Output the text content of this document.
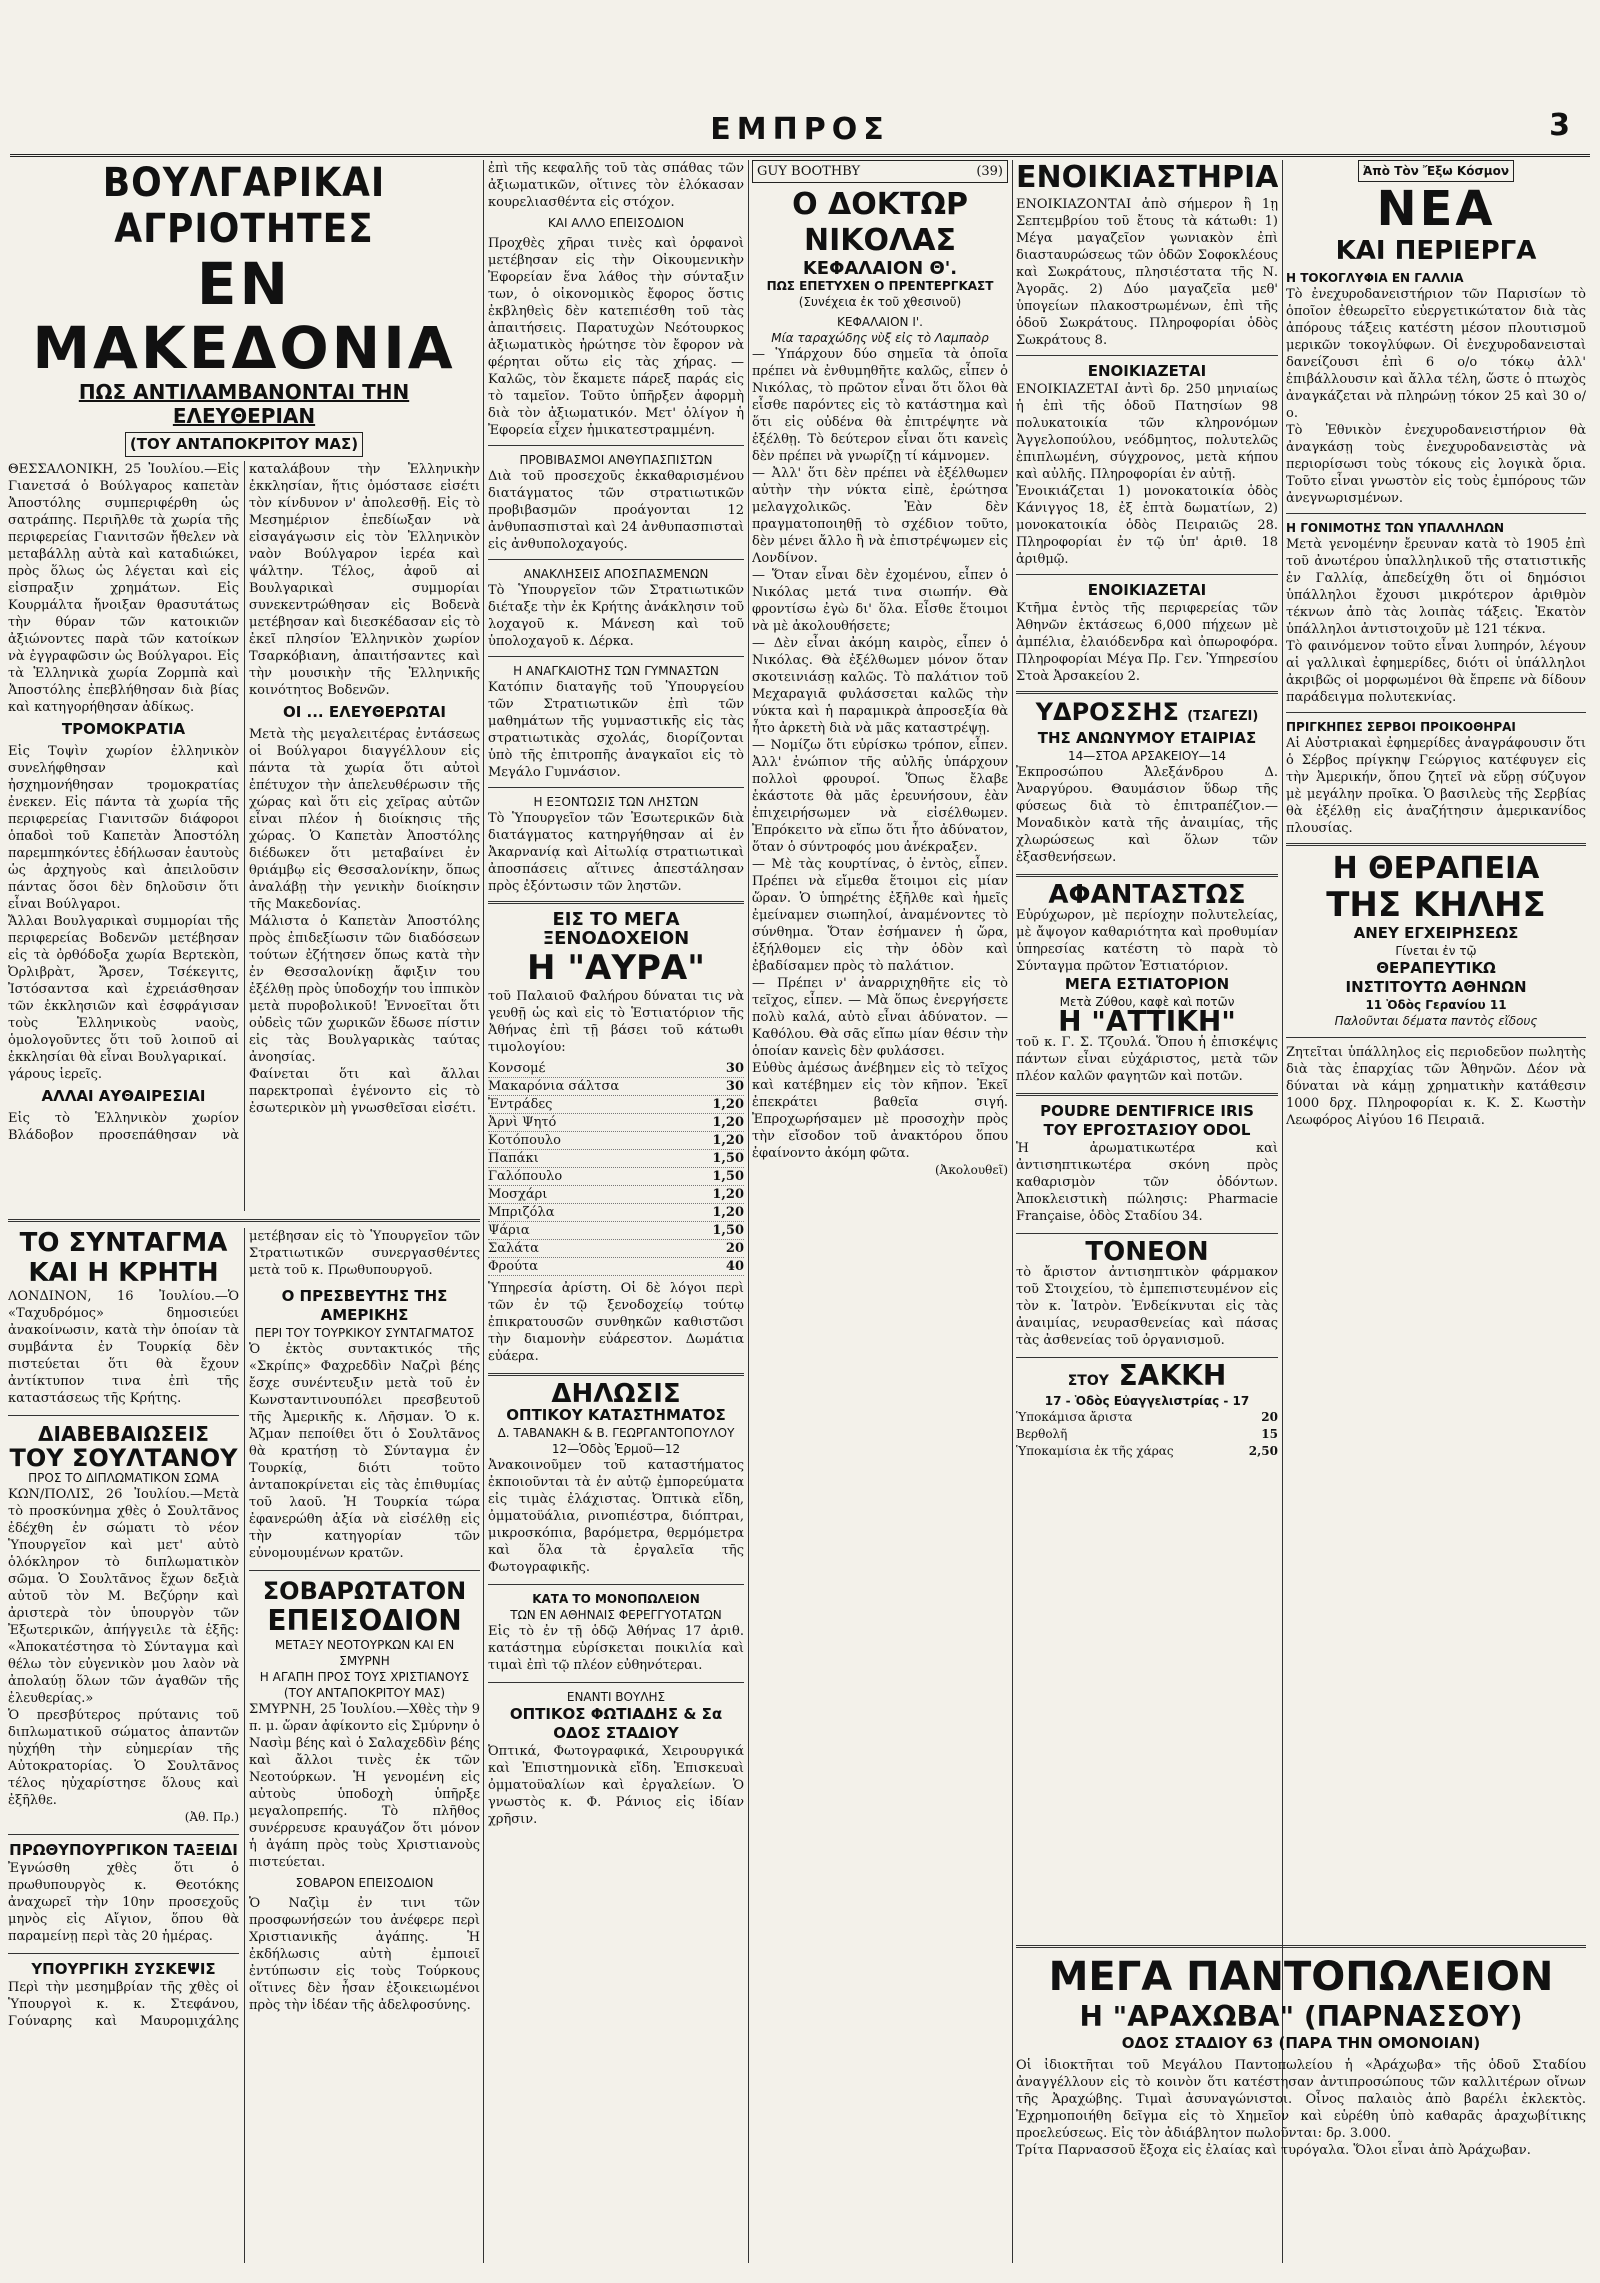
ΕΜΠΡΟΣ	3
ΒΟΥΛΓΑΡΙΚΑΙ ΑΓΡΙΟΤΗΤΕΣ
ΕΝ ΜΑΚΕΔΟΝΙΑ
ΠΩΣ ΑΝΤΙΛΑΜΒΑΝΟΝΤΑΙ ΤΗΝ ΕΛΕΥΘΕΡΙΑΝ
(ΤΟΥ ΑΝΤΑΠΟΚΡΙΤΟΥ ΜΑΣ)

ΘΕΣΣΑΛΟΝΙΚΗ, 25 Ἰουλίου.—Εἰς Γιανετσά ὁ Βούλγαρος καπετὰν Ἀποστόλης συμπεριφέρθη ὡς σατράπης. Περιῆλθε τὰ χωρία τῆς περιφερείας Γιανιτσῶν ἤθελεν νὰ μεταβάλλῃ αὐτὰ καὶ καταδιώκει, πρὸς ὅλως ὡς λέγεται καὶ εἰς εἰσπραξιν χρημάτων. Εἰς Κουρμάλτα ἤνοιξαν θρασυτάτως τὴν θύραν τῶν κατοικιῶν ἀξιώνοντες παρὰ τῶν κατοίκων νὰ ἐγγραφῶσιν ὡς Βούλγαροι. Εἰς τὰ Ἑλληνικὰ χωρία Ζορμπὰ καὶ Ἀποστόλης ἐπεβλήθησαν διὰ βίας καὶ κατηγορήθησαν ἀδίκως.

ΤΡΟΜΟΚΡΑΤΙΑ

Εἰς Τοψὶν χωρίον ἑλληνικὸν συνελήφθησαν καὶ ἠσχημονήθησαν τρομοκρατίας ἐνεκεν. Εἰς πάντα τὰ χωρία τῆς περιφερείας Γιανιτσῶν διάφοροι ὁπαδοὶ τοῦ Καπετὰν Ἀποστόλη παρεμπηκόντες ἐδήλωσαν ἑαυτοὺς ὡς ἀρχηγοὺς καὶ ἀπειλοῦσιν πάντας ὅσοι δὲν δηλοῦσιν ὅτι εἶναι Βούλγαροι.

Ἄλλαι Βουλγαρικαὶ συμμορίαι τῆς περιφερείας Βοδενῶν μετέβησαν εἰς τὰ ὀρθόδοξα χωρία Βερτεκὸπ, Ὀρλιβρὰτ, Ἄρσεν, Τσέκεγιτς, Ἰστόσαντσα καὶ ἐχρειάσθησαν τῶν ἐκκλησιῶν καὶ ἐσφράγισαν τοὺς Ἑλληνικοὺς ναοὺς, ὁμολογοῦντες ὅτι τοῦ λοιποῦ αἱ ἐκκλησίαι θὰ εἶναι Βουλγαρικαί.

γάρους ἱερεῖς.

ΑΛΛΑΙ ΑΥΘΑΙΡΕΣΙΑΙ

Εἰς τὸ Ἑλληνικὸν χωρίον Βλάδοβον προσεπάθησαν νὰ καταλάβουν τὴν Ἑλληνικὴν ἐκκλησίαν, ἥτις ὁμόστασε εἰσέτι τὸν κίνδυνον ν' ἀπολεσθῇ. Εἰς τὸ Μεσημέριον ἐπεδίωξαν νὰ εἰσαγάγωσιν εἰς τὸν Ἑλληνικὸν ναὸν Βούλγαρον ἱερέα καὶ ψάλτην. Τέλος, ἀφοῦ αἱ Βουλγαρικαὶ συμμορίαι συνεκεντρώθησαν εἰς Βοδενὰ μετέβησαν καὶ διεσκέδασαν εἰς τὸ ἐκεῖ πλησίον Ἑλληνικὸν χωρίον Τσαρκόβιανη, ἀπαιτήσαντες καὶ τὴν μουσικὴν τῆς Ἑλληνικῆς κοινότητος Βοδενῶν.

ΟΙ ... ΕΛΕΥΘΕΡΩΤΑΙ

Μετὰ τὴς μεγαλειτέρας ἐντάσεως οἱ Βούλγαροι διαγγέλλουν εἰς πάντα τὰ χωρία ὅτι αὐτοὶ ἐπέτυχον τὴν ἀπελευθέρωσιν τῆς χώρας καὶ ὅτι εἰς χεῖρας αὐτῶν εἶναι πλέον ἡ διοίκησις τῆς χώρας. Ὁ Καπετὰν Ἀποστόλης διέδωκεν ὅτι μεταβαίνει ἐν θριάμβῳ εἰς Θεσσαλονίκην, ὅπως ἀναλάβῃ τὴν γενικὴν διοίκησιν τῆς Μακεδονίας.

Μάλιστα ὁ Καπετὰν Ἀποστόλης πρὸς ἐπιδεξίωσιν τῶν διαδόσεων τούτων ἐζήτησεν ὅπως κατὰ τὴν ἐν Θεσσαλονίκῃ ἄφιξιν του ἐξέλθῃ πρὸς ὑποδοχήν του ἱππικὸν μετὰ πυροβολικοῦ! Ἐννοεῖται ὅτι οὐδεὶς τῶν χωρικῶν ἔδωσε πίστιν εἰς τὰς Βουλγαρικὰς ταύτας ἀνοησίας.

Φαίνεται ὅτι καὶ ἄλλαι παρεκτροπαὶ ἐγένοντο εἰς τὸ ἐσωτερικὸν μὴ γνωσθεῖσαι εἰσέτι.

ΤΟ ΣΥΝΤΑΓΜΑ
ΚΑΙ Η ΚΡΗΤΗ

ΛΟΝΔΙΝΟΝ, 16 Ἰουλίου.—Ὁ «Ταχυδρόμος» δημοσιεύει ἀνακοίνωσιν, κατὰ τὴν ὁποίαν τὰ συμβάντα ἐν Τουρκίᾳ δὲν πιστεύεται ὅτι θὰ ἔχουν ἀντίκτυπον τινα ἐπὶ τῆς καταστάσεως τῆς Κρήτης.

ΔΙΑΒΕΒΑΙΩΣΕΙΣ
ΤΟΥ ΣΟΥΛΤΑΝΟΥ
ΠΡΟΣ ΤΟ ΔΙΠΛΩΜΑΤΙΚΟΝ ΣΩΜΑ

ΚΩΝ/ΠΟΛΙΣ, 26 Ἰουλίου.—Μετὰ τὸ προσκύνημα χθὲς ὁ Σουλτᾶνος ἐδέχθη ἐν σώματι τὸ νέον Ὑπουργεῖον καὶ μετ' αὐτὸ ὁλόκληρον τὸ διπλωματικὸν σῶμα. Ὁ Σουλτᾶνος ἔχων δεξιὰ αὐτοῦ τὸν Μ. Βεζύρην καὶ ἀριστερὰ τὸν ὑπουργὸν τῶν Ἐξωτερικῶν, ἀπήγγειλε τὰ ἑξῆς: «Ἀποκατέστησα τὸ Σύνταγμα καὶ θέλω τὸν εὐγενικὸν μου λαὸν νὰ ἀπολαύῃ ὅλων τῶν ἀγαθῶν τῆς ἐλευθερίας.»

Ὁ πρεσβύτερος πρύτανις τοῦ διπλωματικοῦ σώματος ἀπαντῶν ηὐχήθη τὴν εὐημερίαν τῆς Αὐτοκρατορίας. Ὁ Σουλτᾶνος τέλος ηὐχαρίστησε ὅλους καὶ ἐξῆλθε.

(Ἀθ. Πρ.)
ΠΡΩΘΥΠΟΥΡΓΙΚΟΝ ΤΑΞΕΙΔΙ

Ἐγνώσθη χθὲς ὅτι ὁ πρωθυπουργὸς κ. Θεοτόκης ἀναχωρεῖ τὴν 10ην προσεχοῦς μηνὸς εἰς Αἴγιον, ὅπου θὰ παραμείνῃ περὶ τὰς 20 ἡμέρας.

ΥΠΟΥΡΓΙΚΗ ΣΥΣΚΕΨΙΣ

Περὶ τὴν μεσημβρίαν τῆς χθὲς οἱ Ὑπουργοὶ κ. κ. Στεφάνου, Γούναρης καὶ Μαυρομιχάλης μετέβησαν εἰς τὸ Ὑπουργεῖον τῶν Στρατιωτικῶν συνεργασθέντες μετὰ τοῦ κ. Πρωθυπουργοῦ.

Ο ΠΡΕΣΒΕΥΤΗΣ ΤΗΣ ΑΜΕΡΙΚΗΣ
ΠΕΡΙ ΤΟΥ ΤΟΥΡΚΙΚΟΥ ΣΥΝΤΑΓΜΑΤΟΣ

Ὁ ἐκτὸς συντακτικός τῆς «Σκρίπς» Φαχρεδδὶν Ναζρὶ βέης ἔσχε συνέντευξιν μετὰ τοῦ ἐν Κωνσταντινουπόλει πρεσβευτοῦ τῆς Ἀμερικῆς κ. Λῆσμαν. Ὁ κ. Ἀζμαν πεποίθει ὅτι ὁ Σουλτᾶνος θὰ κρατήσῃ τὸ Σύνταγμα ἐν Τουρκίᾳ, διότι τοῦτο ἀνταποκρίνεται εἰς τὰς ἐπιθυμίας τοῦ λαοῦ. Ἡ Τουρκία τώρα ἐφανερώθη ἀξία νὰ εἰσέλθῃ εἰς τὴν κατηγορίαν τῶν εὐνομουμένων κρατῶν.

ΣΟΒΑΡΩΤΑΤΟΝ
ΕΠΕΙΣΟΔΙΟΝ
ΜΕΤΑΞΥ ΝΕΟΤΟΥΡΚΩΝ ΚΑΙ ΕΝ ΣΜΥΡΝΗ
Η ΑΓΑΠΗ ΠΡΟΣ ΤΟΥΣ ΧΡΙΣΤΙΑΝΟΥΣ
(ΤΟΥ ΑΝΤΑΠΟΚΡΙΤΟΥ ΜΑΣ)

ΣΜΥΡΝΗ, 25 Ἰουλίου.—Χθὲς τὴν 9 π. μ. ὥραν ἀφίκοντο εἰς Σμύρνην ὁ Νασὶμ βέης καὶ ὁ Σαλαχεδδὶν βέης καὶ ἄλλοι τινὲς ἐκ τῶν Νεοτούρκων. Ἡ γενομένη εἰς αὐτοὺς ὑποδοχὴ ὑπῆρξε μεγαλοπρεπής. Τὸ πλῆθος συνέρρευσε κραυγάζον ὅτι μόνον ἡ ἀγάπη πρὸς τοὺς Χριστιανοὺς πιστεύεται.

ΣΟΒΑΡΟΝ ΕΠΕΙΣΟΔΙΟΝ

Ὁ Ναζὶμ ἐν τινι τῶν προσφωνήσεών του ἀνέφερε περὶ Χριστιανικῆς ἀγάπης. Ἡ ἐκδήλωσις αὐτὴ ἐμποιεῖ ἐντύπωσιν εἰς τοὺς Τούρκους οἵτινες δὲν ἦσαν ἐξοικειωμένοι πρὸς τὴν ἰδέαν τῆς ἀδελφοσύνης.

ἐπὶ τῆς κεφαλῆς τοῦ τὰς σπάθας τῶν ἀξιωματικῶν, οἵτινες τὸν ἐλόκασαν κουρελιασθέντα εἰς στόχον.

ΚΑΙ ΑΛΛΟ ΕΠΕΙΣΟΔΙΟΝ

Προχθὲς χῆραι τινὲς καὶ ὀρφανοὶ μετέβησαν εἰς τὴν Οἰκουμενικὴν Ἐφορείαν ἕνα λάθος τὴν σύνταξιν των, ὁ οἰκονομικὸς ἔφορος ὅστις ἐκβληθεὶς δὲν κατεπιέσθη τοῦ τὰς ἀπαιτήσεις. Παρατυχὼν Νεότουρκος ἀξιωματικὸς ἠρώτησε τὸν ἔφορον νὰ φέρηται οὕτω εἰς τὰς χήρας. — Καλῶς, τὸν ἔκαμετε πάρεξ παράς εἰς τὸ ταμεῖον. Τοῦτο ὑπῆρξεν ἀφορμὴ διὰ τὸν ἀξιωματικόν. Μετ' ὀλίγον ἡ Ἐφορεία εἶχεν ἠμικατεστραμμένη.

ΠΡΟΒΙΒΑΣΜΟΙ ΑΝΘΥΠΑΣΠΙΣΤΩΝ

Διὰ τοῦ προσεχοῦς ἐκκαθαρισμένου διατάγματος τῶν στρατιωτικῶν προβιβασμῶν προάγονται 12 ἀνθυπασπισταὶ καὶ 24 ἀνθυπασπισταὶ εἰς ἀνθυπολοχαγούς.

ΑΝΑΚΛΗΣΕΙΣ ΑΠΟΣΠΑΣΜΕΝΩΝ

Τὸ Ὑπουργεῖον τῶν Στρατιωτικῶν διέταξε τὴν ἐκ Κρήτης ἀνάκλησιν τοῦ λοχαγοῦ κ. Μάνεση καὶ τοῦ ὑπολοχαγοῦ κ. Δέρκα.

Η ΑΝΑΓΚΑΙΟΤΗΣ ΤΩΝ ΓΥΜΝΑΣΤΩΝ

Κατόπιν διαταγῆς τοῦ Ὑπουργείου τῶν Στρατιωτικῶν ἐπὶ τῶν μαθημάτων τῆς γυμναστικῆς εἰς τὰς στρατιωτικὰς σχολάς, διορίζονται ὑπὸ τῆς ἐπιτροπῆς ἀναγκαῖοι εἰς τὸ Μεγάλο Γυμνάσιον.

Η ΕΞΟΝΤΩΣΙΣ ΤΩΝ ΛΗΣΤΩΝ

Τὸ Ὑπουργεῖον τῶν Ἐσωτερικῶν διὰ διατάγματος κατηργήθησαν αἱ ἐν Ἀκαρνανίᾳ καὶ Αἰτωλίᾳ στρατιωτικαὶ ἀποσπάσεις αἵτινες ἀπεστάλησαν πρὸς ἐξόντωσιν τῶν ληστῶν.

ΕΙΣ ΤΟ ΜΕΓΑ ΞΕΝΟΔΟΧΕΙΟΝ
Η "ΑΥΡΑ"

τοῦ Παλαιοῦ Φαλήρου δύναται τις νὰ γευθῇ ὡς καὶ εἰς τὸ Ἑστιατόριον τῆς Ἀθήνας ἐπὶ τῇ βάσει τοῦ κάτωθι τιμολογίου:

Κονσομέ	30
Μακαρόνια σάλτσα	30
Ἐντράδες	1,20
Ἀρνὶ Ψητό	1,20
Κοτόπουλο	1,20
Παπάκι	1,50
Γαλόπουλο	1,50
Μοσχάρι	1,20
Μπριζόλα	1,20
Ψάρια	1,50
Σαλάτα	20
Φρούτα	40

Ὑπηρεσία ἀρίστη. Οἱ δὲ λόγοι περὶ τῶν ἐν τῷ ξενοδοχείῳ τούτῳ ἐπικρατουσῶν συνθηκῶν καθιστῶσι τὴν διαμονὴν εὐάρεστον. Δωμάτια εὐάερα.

ΔΗΛΩΣΙΣ
ΟΠΤΙΚΟΥ ΚΑΤΑΣΤΗΜΑΤΟΣ
Δ. ΤΑΒΑΝΑΚΗ & Β. ΓΕΩΡΓΑΝΤΟΠΟΥΛΟΥ
12—Ὁδὸς Ἑρμοῦ—12

Ἀνακοινοῦμεν τοῦ καταστήματος ἐκποιοῦνται τὰ ἐν αὐτῷ ἐμπορεύματα εἰς τιμὰς ἐλάχιστας. Ὀπτικὰ εἴδη, ὀμματοϋάλια, ρινοπιέστρα, διόπτραι, μικροσκόπια, βαρόμετρα, θερμόμετρα καὶ ὅλα τὰ ἐργαλεῖα τῆς Φωτογραφικῆς.

ΚΑΤΑ ΤΟ ΜΟΝΟΠΩΛΕΙΟΝ
ΤΩΝ ΕΝ ΑΘΗΝΑΙΣ ΦΕΡΕΓΓΥΟΤΑΤΩΝ

Εἰς τὸ ἐν τῇ ὁδῷ Ἀθήνας 17 ἀριθ. κατάστημα εὑρίσκεται ποικιλία καὶ τιμαὶ ἐπὶ τῷ πλέον εὐθηνότεραι.

ΕΝΑΝΤΙ ΒΟΥΛΗΣ
ΟΠΤΙΚΟΣ ΦΩΤΙΑΔΗΣ & Σα
ΟΔΟΣ ΣΤΑΔΙΟΥ

Ὀπτικά, Φωτογραφικά, Χειρουργικά καὶ Ἐπιστημονικὰ εἴδη. Ἐπισκευαὶ ὀμματοϋαλίων καὶ ἐργαλείων. Ὁ γνωστὸς κ. Φ. Ράνιος εἰς ἰδίαν χρῆσιν.

GUY BOOTHBY	(39)
Ο ΔΟΚΤΩΡ ΝΙΚΟΛΑΣ
ΚΕΦΑΛΑΙΟΝ Θ'.
ΠΩΣ ΕΠΕΤΥΧΕΝ Ο ΠΡΕΝΤΕΡΓΚΑΣΤ
(Συνέχεια ἐκ τοῦ χθεσινοῦ)
ΚΕΦΑΛΑΙΟΝ Ι'.
Μία ταραχώδης νὺξ εἰς τὸ Λαμπαὸρ

— Ὑπάρχουν δύο σημεῖα τὰ ὁποῖα πρέπει νὰ ἐνθυμηθῆτε καλῶς, εἶπεν ὁ Νικόλας, τὸ πρῶτον εἶναι ὅτι ὅλοι θὰ εἶσθε παρόντες εἰς τὸ κατάστημα καὶ ὅτι εἰς οὐδένα θὰ ἐπιτρέψητε νὰ ἐξέλθῃ. Τὸ δεύτερον εἶναι ὅτι κανεὶς δὲν πρέπει νὰ γνωρίζῃ τί κάμνομεν.

— Ἀλλ' ὅτι δὲν πρέπει νὰ ἐξέλθωμεν αὐτὴν τὴν νύκτα εἰπὲ, ἐρώτησα μελαγχολικῶς. Ἐὰν δὲν πραγματοποιηθῇ τὸ σχέδιον τοῦτο, δὲν μένει ἄλλο ἢ νὰ ἐπιστρέψωμεν εἰς Λονδίνον.

— Ὅταν εἶναι δὲν ἐχομένου, εἶπεν ὁ Νικόλας μετά τινα σιωπήν. Θὰ φροντίσω ἐγὼ δι' ὅλα. Εἶσθε ἕτοιμοι νὰ μὲ ἀκολουθήσετε;

— Δὲν εἶναι ἀκόμη καιρὸς, εἶπεν ὁ Νικόλας. Θὰ ἐξέλθωμεν μόνον ὅταν σκοτεινιάσῃ καλῶς. Τὸ παλάτιον τοῦ Μεχαραγιᾶ φυλάσσεται καλῶς τὴν νύκτα καὶ ἡ παραμικρὰ ἀπροσεξία θὰ ἦτο ἀρκετὴ διὰ νὰ μᾶς καταστρέψῃ.

— Νομίζω ὅτι εὑρίσκω τρόπον, εἶπεν. Ἀλλ' ἐνώπιον τῆς αὐλῆς ὑπάρχουν πολλοὶ φρουροί. Ὅπως ἔλαβε ἑκάστοτε θὰ μᾶς ἐρευνήσουν, ἐὰν ἐπιχειρήσωμεν νὰ εἰσέλθωμεν. Ἐπρόκειτο νὰ εἴπω ὅτι ἦτο ἀδύνατον, ὅταν ὁ σύντροφός μου ἀνέκραξεν.

— Μὲ τὰς κουρτίνας, ὁ ἐντὸς, εἶπεν. Πρέπει νὰ εἴμεθα ἕτοιμοι εἰς μίαν ὥραν. Ὁ ὑπηρέτης ἐξῆλθε καὶ ἡμεῖς ἐμείναμεν σιωπηλοί, ἀναμένοντες τὸ σύνθημα. Ὅταν ἐσήμανεν ἡ ὥρα, ἐξήλθομεν εἰς τὴν ὁδὸν καὶ ἐβαδίσαμεν πρὸς τὸ παλάτιον.

— Πρέπει ν' ἀναρριχηθῆτε εἰς τὸ τεῖχος, εἶπεν. — Μὰ ὅπως ἐνεργήσετε πολὺ καλά, αὐτὸ εἶναι ἀδύνατον. — Καθόλου. Θὰ σᾶς εἴπω μίαν θέσιν τὴν ὁποίαν κανεὶς δὲν φυλάσσει.

Εὐθὺς ἀμέσως ἀνέβημεν εἰς τὸ τεῖχος καὶ κατέβημεν εἰς τὸν κῆπον. Ἐκεῖ ἐπεκράτει βαθεῖα σιγή. Ἐπροχωρήσαμεν μὲ προσοχὴν πρὸς τὴν εἴσοδον τοῦ ἀνακτόρου ὅπου ἐφαίνοντο ἀκόμη φῶτα.

(Ἀκολουθεῖ)
ΕΝΟΙΚΙΑΣΤΗΡΙΑ

ΕΝΟΙΚΙΑΖΟΝΤΑΙ ἀπὸ σήμερον ἢ 1ῃ Σεπτεμβρίου τοῦ ἔτους τὰ κάτωθι: 1) Μέγα μαγαζεῖον γωνιακὸν ἐπὶ διασταυρώσεως τῶν ὁδῶν Σοφοκλέους καὶ Σωκράτους, πλησιέστατα τῆς Ν. Ἀγορᾶς. 2) Δύο μαγαζεῖα μεθ' ὑπογείων πλακοστρωμένων, ἐπὶ τῆς ὁδοῦ Σωκράτους. Πληροφορίαι ὁδὸς Σωκράτους 8.

ΕΝΟΙΚΙΑΖΕΤΑΙ

ΕΝΟΙΚΙΑΖΕΤΑΙ ἀντὶ δρ. 250 μηνιαίως ἡ ἐπὶ τῆς ὁδοῦ Πατησίων 98 πολυκατοικία τῶν κληρονόμων Ἀγγελοπούλου, νεόδμητος, πολυτελῶς ἐπιπλωμένη, σύγχρονος, μετὰ κήπου καὶ αὐλῆς. Πληροφορίαι ἐν αὐτῇ.

Ἐνοικιάζεται 1) μονοκατοικία ὁδὸς Κάνιγγος 18, ἐξ ἑπτὰ δωματίων, 2) μονοκατοικία ὁδὸς Πειραιῶς 28. Πληροφορίαι ἐν τῷ ὑπ' ἀριθ. 18 ἀριθμῷ.

ΕΝΟΙΚΙΑΖΕΤΑΙ

Κτῆμα ἐντὸς τῆς περιφερείας τῶν Ἀθηνῶν ἐκτάσεως 6,000 πήχεων μὲ ἀμπέλια, ἐλαιόδενδρα καὶ ὀπωροφόρα. Πληροφορίαι Μέγα Πρ. Γεν. Ὑπηρεσίου Στοὰ Ἀρσακείου 2.

ΥΔΡΟΣΣΗΣ (ΤΣΑΓΕΖΙ)
ΤΗΣ ΑΝΩΝΥΜΟΥ ΕΤΑΙΡΙΑΣ
14—ΣΤΟΑ ΑΡΣΑΚΕΙΟΥ—14

Ἐκπροσώπου Ἀλεξάνδρου Δ. Ἀναργύρου. Θαυμάσιον ὕδωρ τῆς φύσεως διὰ τὸ ἐπιτραπέζιον.—Μοναδικὸν κατὰ τῆς ἀναιμίας, τῆς χλωρώσεως καὶ ὅλων τῶν ἐξασθενήσεων.

ΑΦΑΝΤΑΣΤΩΣ

Εὐρύχωρον, μὲ περίοχην πολυτελείας, μὲ ἄψογον καθαριότητα καὶ προθυμίαν ὑπηρεσίας κατέστη τὸ παρὰ τὸ Σύνταγμα πρῶτον Ἑστιατόριον.

ΜΕΓΑ ΕΣΤΙΑΤΟΡΙΟΝ
Μετὰ Ζύθου, καφὲ καὶ ποτῶν
Η "ΑΤΤΙΚΗ"

τοῦ κ. Γ. Σ. Τζουλά. Ὅπου ἡ ἐπισκέψις πάντων εἶναι εὐχάριστος, μετὰ τῶν πλέον καλῶν φαγητῶν καὶ ποτῶν.

POUDRE DENTIFRICE IRIS
ΤΟΥ ΕΡΓΟΣΤΑΣΙΟΥ ODOL

Ἡ ἀρωματικωτέρα καὶ ἀντισηπτικωτέρα σκόνη πρὸς καθαρισμὸν τῶν ὀδόντων. Ἀποκλειστικὴ πώλησις: Pharmacie Française, ὁδὸς Σταδίου 34.

ΤΟΝΕΟΝ

τὸ ἄριστον ἀντισηπτικὸν φάρμακον τοῦ Στοιχείου, τὸ ἐμπεπιστευμένον εἰς τὸν κ. Ἰατρὸν. Ἐνδείκνυται εἰς τὰς ἀναιμίας, νευρασθενείας καὶ πάσας τὰς ἀσθενείας τοῦ ὀργανισμοῦ.

ΣΤΟΥ ΣΑΚΚΗ
17 - Ὁδὸς Εὐαγγελιστρίας - 17
Ὑποκάμισα ἄριστα	20
Βερθολῆ	15
Ὑποκαμίσια ἐκ τῆς χάρας	2,50
Ἀπὸ Τὸν Ἔξω Κόσμον
ΝΕΑ
ΚΑΙ ΠΕΡΙΕΡΓΑ
Η ΤΟΚΟΓΛΥΦΙΑ ΕΝ ΓΑΛΛΙΑ

Τὸ ἐνεχυροδανειστήριον τῶν Παρισίων τὸ ὁποῖον ἐθεωρεῖτο εὐεργετικώτατον διὰ τὰς ἀπόρους τάξεις κατέστη μέσον πλουτισμοῦ μερικῶν τοκογλύφων. Οἱ ἐνεχυροδανεισταὶ δανείζουσι ἐπὶ 6 ο/ο τόκῳ ἀλλ' ἐπιβάλλουσιν καὶ ἄλλα τέλη, ὥστε ὁ πτωχὸς ἀναγκάζεται νὰ πληρώνῃ τόκον 25 καὶ 30 ο/ο.

Τὸ Ἐθνικὸν ἐνεχυροδανειστήριον θὰ ἀναγκάσῃ τοὺς ἐνεχυροδανειστὰς νὰ περιορίσωσι τοὺς τόκους εἰς λογικὰ ὅρια. Τοῦτο εἶναι γνωστὸν εἰς τοὺς ἐμπόρους τῶν ἀνεγνωρισμένων.

Η ΓΟΝΙΜΟΤΗΣ ΤΩΝ ΥΠΑΛΛΗΛΩΝ

Μετὰ γενομένην ἔρευναν κατὰ τὸ 1905 ἐπὶ τοῦ ἀνωτέρου ὑπαλληλικοῦ τῆς στατιστικῆς ἐν Γαλλίᾳ, ἀπεδείχθη ὅτι οἱ δημόσιοι ὑπάλληλοι ἔχουσι μικρότερον ἀριθμὸν τέκνων ἀπὸ τὰς λοιπὰς τάξεις. Ἑκατὸν ὑπάλληλοι ἀντιστοιχοῦν μὲ 121 τέκνα.

Τὸ φαινόμενον τοῦτο εἶναι λυπηρόν, λέγουν αἱ γαλλικαὶ ἐφημερίδες, διότι οἱ ὑπάλληλοι ἀκριβῶς οἱ μορφωμένοι θὰ ἔπρεπε νὰ δίδουν παράδειγμα πολυτεκνίας.

ΠΡΙΓΚΗΠΕΣ ΣΕΡΒΟΙ ΠΡΟΙΚΟΘΗΡΑΙ

Αἱ Αὐστριακαὶ ἐφημερίδες ἀναγράφουσιν ὅτι ὁ Σέρβος πρίγκηψ Γεώργιος κατέφυγεν εἰς τὴν Ἀμερικήν, ὅπου ζητεῖ νὰ εὕρῃ σύζυγον μὲ μεγάλην προῖκα. Ὁ βασιλεὺς τῆς Σερβίας θὰ ἐξέλθῃ εἰς ἀναζήτησιν ἀμερικανίδος πλουσίας.

Η ΘΕΡΑΠΕΙΑ
ΤΗΣ ΚΗΛΗΣ
ΑΝΕΥ ΕΓΧΕΙΡΗΣΕΩΣ
Γίνεται ἐν τῷ
ΘΕΡΑΠΕΥΤΙΚΩ
ΙΝΣΤΙΤΟΥΤΩ ΑΘΗΝΩΝ
11 Ὁδὸς Γερανίου 11
Παλοῦνται δέματα παντὸς εἴδους

Ζητεῖται ὑπάλληλος εἰς περιοδεῦον πωλητὴς διὰ τὰς ἐπαρχίας τῶν Ἀθηνῶν. Δέον νὰ δύναται νὰ κάμῃ χρηματικὴν κατάθεσιν 1000 δρχ. Πληροφορίαι κ. Κ. Σ. Κωστὴν Λεωφόρος Αἰγύου 16 Πειραιᾶ.

ΜΕΓΑ ΠΑΝΤΟΠΩΛΕΙΟΝ
Η "ΑΡΑΧΩΒΑ" (ΠΑΡΝΑΣΣΟΥ)
ΟΔΟΣ ΣΤΑΔΙΟΥ 63 (ΠΑΡΑ ΤΗΝ ΟΜΟΝΟΙΑΝ)

Οἱ ἰδιοκτῆται τοῦ Μεγάλου Παντοπωλείου ἡ «Ἀράχωβα» τῆς ὁδοῦ Σταδίου ἀναγγέλλουν εἰς τὸ κοινὸν ὅτι κατέστησαν ἀντιπροσώπους τῶν καλλιτέρων οἴνων τῆς Ἀραχώβης. Τιμαὶ ἀσυναγώνιστοι. Οἶνος παλαιὸς ἀπὸ βαρέλι ἐκλεκτὸς. Ἐχρημοποιήθη δεῖγμα εἰς τὸ Χημεῖον καὶ εὑρέθη ὑπὸ καθαρᾶς ἀραχωβίτικης προελεύσεως. Εἰς τὸν ἀδιάβλητον πωλοῦνται: δρ. 3.000.

Τρίτα Παρνασσοῦ ἔξοχα εἰς ἐλαίας καὶ τυρόγαλα. Ὅλοι εἶναι ἀπὸ Ἀράχωβαν.
